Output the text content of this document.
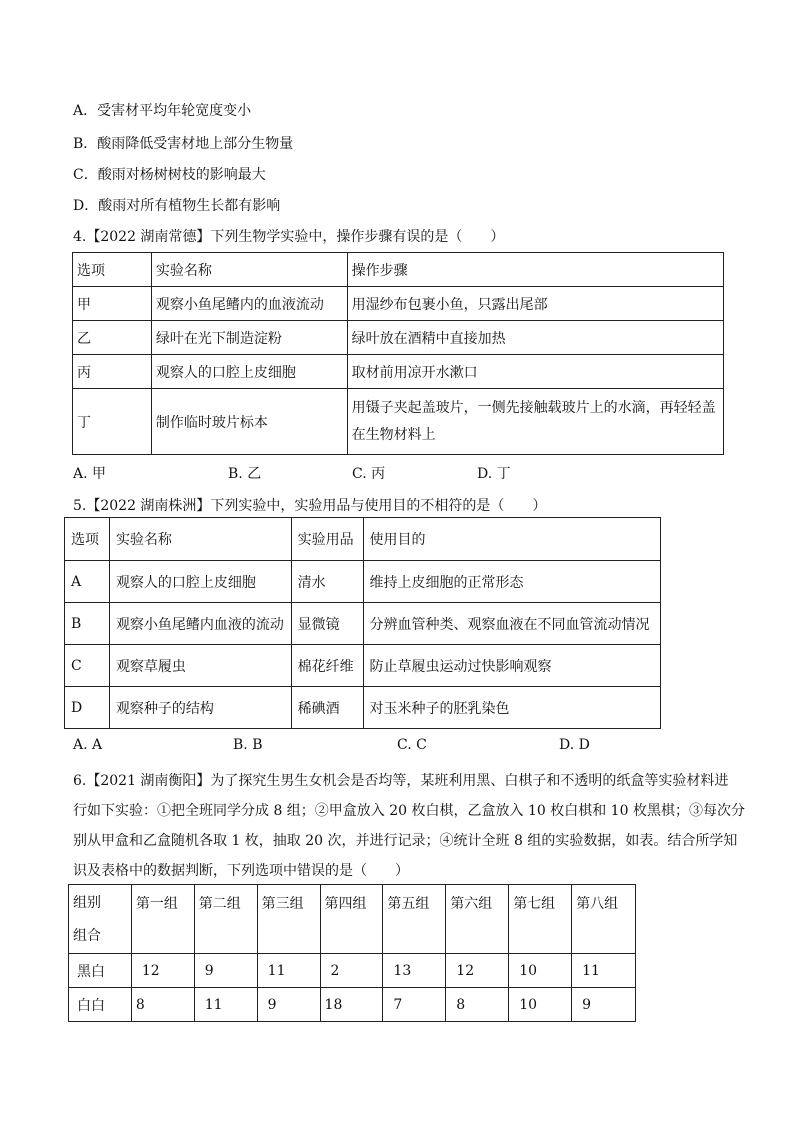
A．受害材平均年轮宽度变小
B．酸雨降低受害材地上部分生物量
C．酸雨对杨树树枝的影响最大
D．酸雨对所有植物生长都有影响
4.【2022 湖南常德】下列生物学实验中，操作步骤有误的是（　　）
选项	实验名称	操作步骤
甲	观察小鱼尾鳍内的血液流动	用湿纱布包裹小鱼，只露出尾部
乙	绿叶在光下制造淀粉	绿叶放在酒精中直接加热
丙	观察人的口腔上皮细胞	取材前用凉开水漱口
丁	制作临时玻片标本	用镊子夹起盖玻片，一侧先接触载玻片上的水滴，再轻轻盖在生物材料上
A. 甲	B. 乙	C. 丙	D. 丁
5.【2022 湖南株洲】下列实验中，实验用品与使用目的不相符的是（　　）
选项	实验名称	实验用品	使用目的
A	观察人的口腔上皮细胞	清水	维持上皮细胞的正常形态
B	观察小鱼尾鳍内血液的流动	显微镜	分辨血管种类、观察血液在不同血管流动情况
C	观察草履虫	棉花纤维	防止草履虫运动过快影响观察
D	观察种子的结构	稀碘酒	对玉米种子的胚乳染色
A. A	B. B	C. C	D. D
6.【2021 湖南衡阳】为了探究生男生女机会是否均等，某班利用黑、白棋子和不透明的纸盒等实验材料进
行如下实验：①把全班同学分成 8 组；②甲盒放入 20 枚白棋，乙盒放入 10 枚白棋和 10 枚黑棋；③每次分
别从甲盒和乙盒随机各取 1 枚，抽取 20 次，并进行记录；④统计全班 8 组的实验数据，如表。结合所学知
识及表格中的数据判断，下列选项中错误的是（　　）
组别
组合	第一组	第二组	第三组	第四组	第五组	第六组	第七组	第八组
黑白	12	9	11	2	13	12	10	11
白白	8	11	9	18	7	8	10	9
